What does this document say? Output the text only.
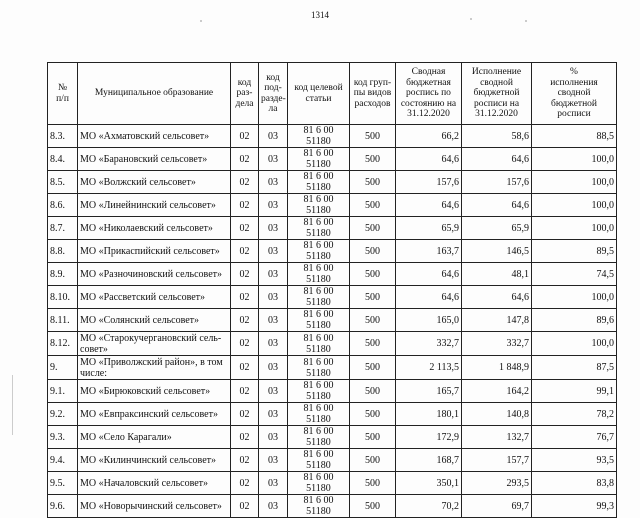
1314
№
п/п	Муниципальное образование	код
раз-
дела	код
под-
разде-
ла	код целевой
статьи	код груп-
пы видов
расходов	Сводная
бюджетная
роспись по
состоянию на
31.12.2020	Исполнение
сводной
бюджетной
росписи на
31.12.2020	%
исполнения
сводной
бюджетной
росписи
8.3.	МО «Ахматовский сельсовет»	02	03	81 6 00 51180	500	66,2	58,6	88,5
8.4.	МО «Барановский сельсовет»	02	03	81 6 00 51180	500	64,6	64,6	100,0
8.5.	МО «Волжский сельсовет»	02	03	81 6 00 51180	500	157,6	157,6	100,0
8.6.	МО «Линейнинский сельсовет»	02	03	81 6 00 51180	500	64,6	64,6	100,0
8.7.	МО «Николаевский сельсовет»	02	03	81 6 00 51180	500	65,9	65,9	100,0
8.8.	МО «Прикаспийский сельсовет»	02	03	81 6 00 51180	500	163,7	146,5	89,5
8.9.	МО «Разночиновский сельсовет»	02	03	81 6 00 51180	500	64,6	48,1	74,5
8.10.	МО «Рассветский сельсовет»	02	03	81 6 00 51180	500	64,6	64,6	100,0
8.11.	МО «Солянский сельсовет»	02	03	81 6 00 51180	500	165,0	147,8	89,6
8.12.	МО «Старокучергановский сель-
совет»	02	03	81 6 00 51180	500	332,7	332,7	100,0
9.	МО «Приволжский район», в том
числе:	02	03	81 6 00 51180	500	2 113,5	1 848,9	87,5
9.1.	МО «Бирюковский сельсовет»	02	03	81 6 00 51180	500	165,7	164,2	99,1
9.2.	МО «Евпраксинский сельсовет»	02	03	81 6 00 51180	500	180,1	140,8	78,2
9.3.	МО «Село Карагали»	02	03	81 6 00 51180	500	172,9	132,7	76,7
9.4.	МО «Килинчинский сельсовет»	02	03	81 6 00 51180	500	168,7	157,7	93,5
9.5.	МО «Началовский сельсовет»	02	03	81 6 00 51180	500	350,1	293,5	83,8
9.6.	МО «Новорычинский сельсовет»	02	03	81 6 00 51180	500	70,2	69,7	99,3
